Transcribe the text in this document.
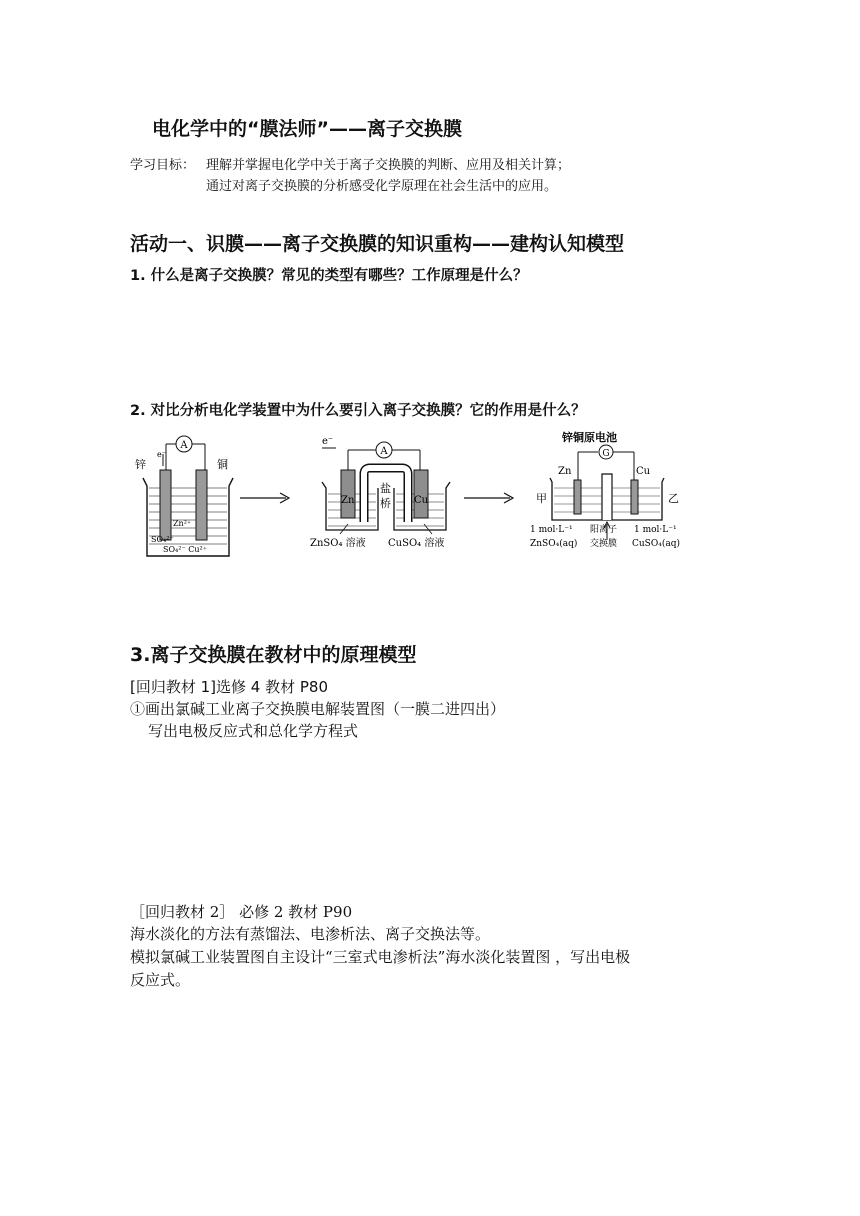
电化学中的“膜法师”——离子交换膜
学习目标： 理解并掌握电化学中关于离子交换膜的判断、应用及相关计算；
通过对离子交换膜的分析感受化学原理在社会生活中的应用。
活动一、识膜——离子交换膜的知识重构——建构认知模型
1. 什么是离子交换膜？常见的类型有哪些？工作原理是什么？
2. 对比分析电化学装置中为什么要引入离子交换膜？它的作用是什么？
A
e⁻
锌	铜
Zn²⁺
SO₄²⁻
SO₄²⁻ Cu²⁺
e⁻
A
Zn	Cu
盐
桥
ZnSO₄ 溶液 CuSO₄ 溶液
锌铜原电池
G
Zn	Cu
甲	乙
1 mol·L⁻¹
ZnSO₄(aq)
阳离子
交换膜
1 mol·L⁻¹
CuSO₄(aq)
3.离子交换膜在教材中的原理模型
[回归教材 1]选修 4 教材 P80
①画出氯碱工业离子交换膜电解装置图（一膜二进四出）
写出电极反应式和总化学方程式
［回归教材 2］ 必修 2 教材 P90
海水淡化的方法有蒸馏法、电渗析法、离子交换法等。
模拟氯碱工业装置图自主设计“三室式电渗析法”海水淡化装置图 ，写出电极
反应式。
